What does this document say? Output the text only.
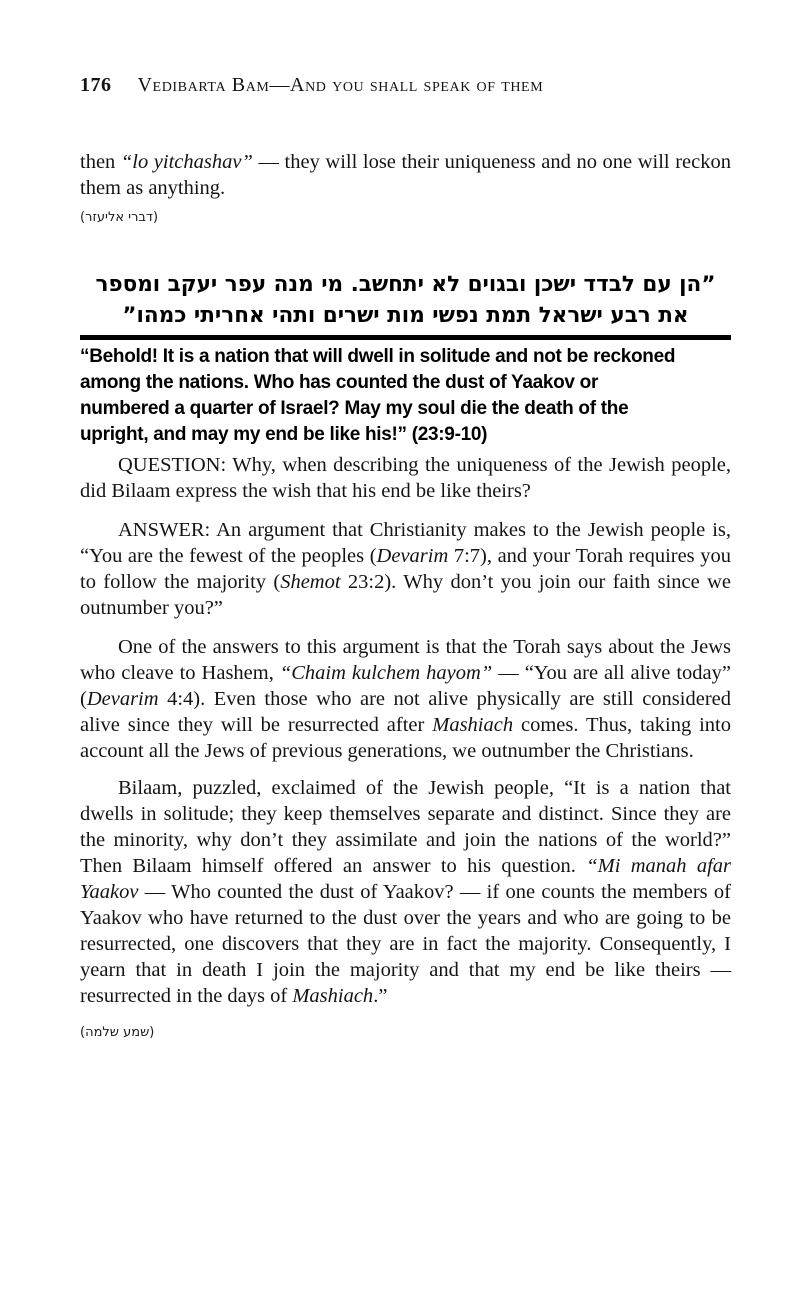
176 Vedibarta Bam—And you shall speak of them

then “lo yitchashav” — they will lose their uniqueness and no one will reckon them as anything.

(דברי אליעזר)
”הן עם לבדד ישכן ובגוים לא יתחשב. מי מנה עפר יעקב ומספר
את רבע ישראל תמת נפשי מות ישרים ותהי אחריתי כמהו”
“Behold! It is a nation that will dwell in solitude and not be reckoned among the nations. Who has counted the dust of Yaakov or numbered a quarter of Israel? May my soul die the death of the upright, and may my end be like his!” (23:9-10)

QUESTION: Why, when describing the uniqueness of the Jewish people, did Bilaam express the wish that his end be like theirs?

ANSWER: An argument that Christianity makes to the Jewish people is, “You are the fewest of the peoples (Devarim 7:7), and your Torah requires you to follow the majority (Shemot 23:2). Why don’t you join our faith since we outnumber you?”

One of the answers to this argument is that the Torah says about the Jews who cleave to Hashem, “Chaim kulchem hayom” — “You are all alive today” (Devarim 4:4). Even those who are not alive physically are still considered alive since they will be resurrected after Mashiach comes. Thus, taking into account all the Jews of previous generations, we outnumber the Christians.

Bilaam, puzzled, exclaimed of the Jewish people, “It is a nation that dwells in solitude; they keep themselves separate and distinct. Since they are the minority, why don’t they assimilate and join the nations of the world?” Then Bilaam himself offered an answer to his question. “Mi manah afar Yaakov — Who counted the dust of Yaakov? — if one counts the members of Yaakov who have returned to the dust over the years and who are going to be resurrected, one discovers that they are in fact the majority. Consequently, I yearn that in death I join the majority and that my end be like theirs — resurrected in the days of Mashiach.”

(שמע שלמה)
